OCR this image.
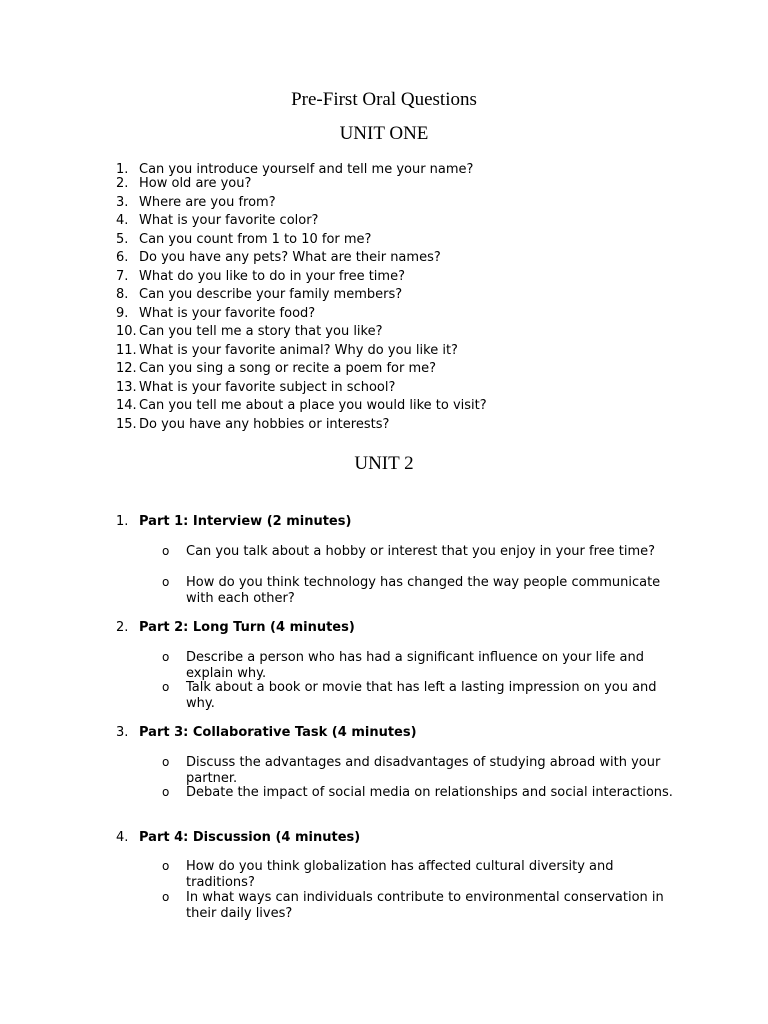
Pre-First Oral Questions
UNIT ONE
1. Can you introduce yourself and tell me your name?
2. How old are you?
3. Where are you from?
4. What is your favorite color?
5. Can you count from 1 to 10 for me?
6. Do you have any pets? What are their names?
7. What do you like to do in your free time?
8. Can you describe your family members?
9. What is your favorite food?
10. Can you tell me a story that you like?
11. What is your favorite animal? Why do you like it?
12. Can you sing a song or recite a poem for me?
13. What is your favorite subject in school?
14. Can you tell me about a place you would like to visit?
15. Do you have any hobbies or interests?
UNIT 2
1. Part 1: Interview (2 minutes)
o Can you talk about a hobby or interest that you enjoy in your free time?
o How do you think technology has changed the way people communicate with each other?
2. Part 2: Long Turn (4 minutes)
o Describe a person who has had a significant influence on your life and explain why.
o Talk about a book or movie that has left a lasting impression on you and why.
3. Part 3: Collaborative Task (4 minutes)
o Discuss the advantages and disadvantages of studying abroad with your partner.
o Debate the impact of social media on relationships and social interactions.
4. Part 4: Discussion (4 minutes)
o How do you think globalization has affected cultural diversity and traditions?
o In what ways can individuals contribute to environmental conservation in their daily lives?
